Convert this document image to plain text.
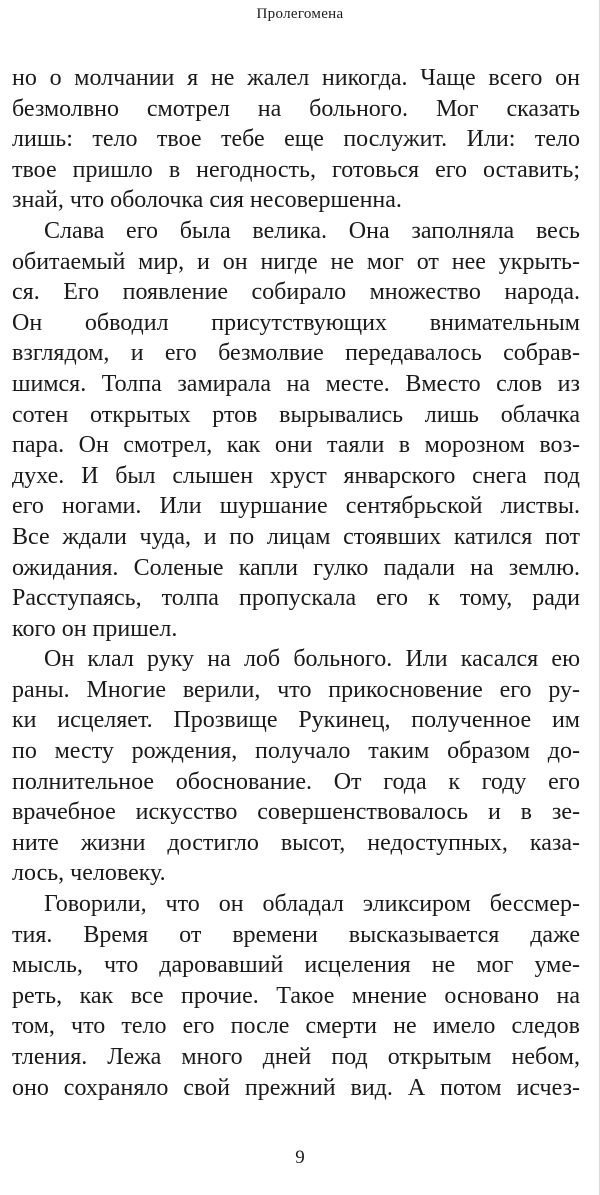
Пролегомена
но о молчании я не жалел никогда. Чаще всего он
безмолвно смотрел на больного. Мог сказать
лишь: тело твое тебе еще послужит. Или: тело
твое пришло в негодность, готовься его оставить;
знай, что оболочка сия несовершенна.
Слава его была велика. Она заполняла весь
обитаемый мир, и он нигде не мог от нее укрыть-
ся. Его появление собирало множество народа.
Он обводил присутствующих внимательным
взглядом, и его безмолвие передавалось собрав-
шимся. Толпа замирала на месте. Вместо слов из
сотен открытых ртов вырывались лишь облачка
пара. Он смотрел, как они таяли в морозном воз-
духе. И был слышен хруст январского снега под
его ногами. Или шуршание сентябрьской листвы.
Все ждали чуда, и по лицам стоявших катился пот
ожидания. Соленые капли гулко падали на землю.
Расступаясь, толпа пропускала его к тому, ради
кого он пришел.
Он клал руку на лоб больного. Или касался ею
раны. Многие верили, что прикосновение его ру-
ки исцеляет. Прозвище Рукинец, полученное им
по месту рождения, получало таким образом до-
полнительное обоснование. От года к году его
врачебное искусство совершенствовалось и в зе-
ните жизни достигло высот, недоступных, каза-
лось, человеку.
Говорили, что он обладал эликсиром бессмер-
тия. Время от времени высказывается даже
мысль, что даровавший исцеления не мог уме-
реть, как все прочие. Такое мнение основано на
том, что тело его после смерти не имело следов
тления. Лежа много дней под открытым небом,
оно сохраняло свой прежний вид. А потом исчез-
9
